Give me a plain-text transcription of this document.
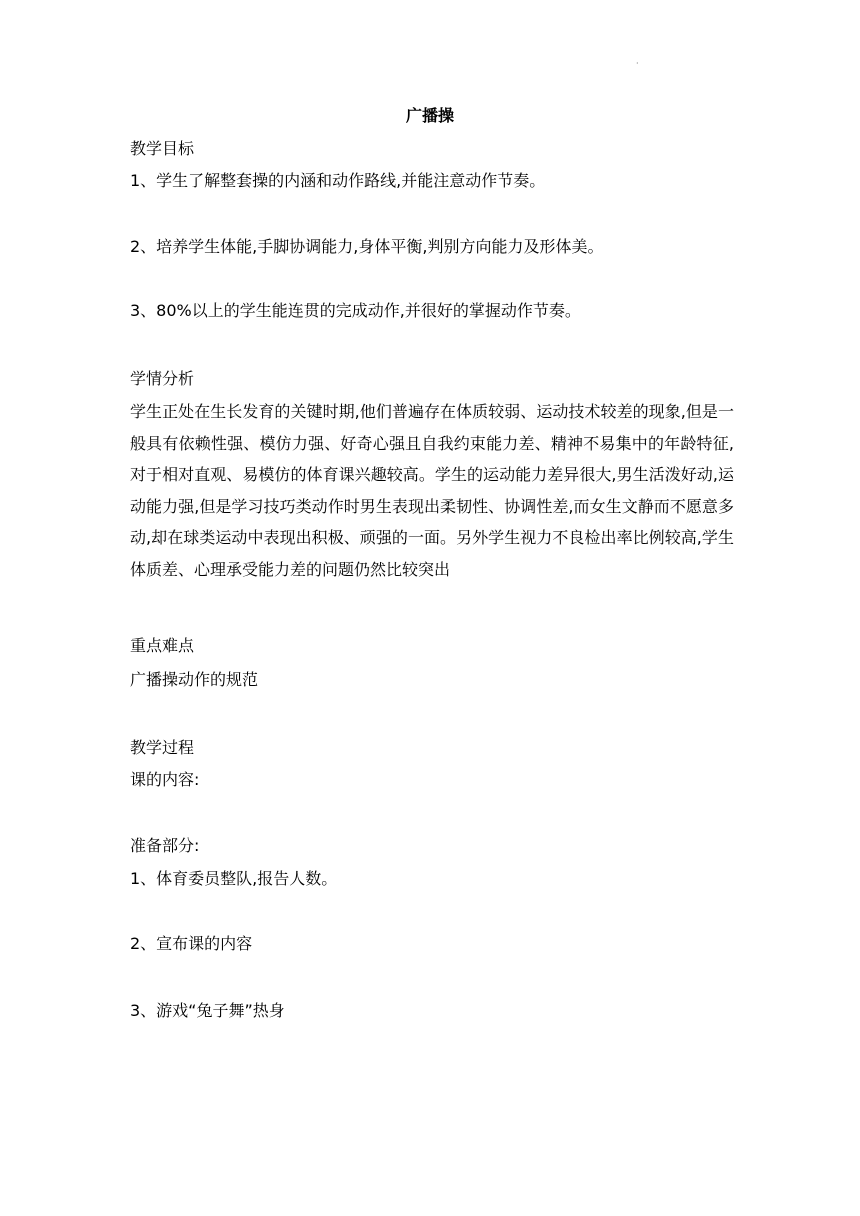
·
广播操
教学目标
1、学生了解整套操的内涵和动作路线,并能注意动作节奏。
2、培养学生体能,手脚协调能力,身体平衡,判别方向能力及形体美。
3、80%以上的学生能连贯的完成动作,并很好的掌握动作节奏。
学情分析
学生正处在生长发育的关键时期,他们普遍存在体质较弱、运动技术较差的现象,但是一般具有依赖性强、模仿力强、好奇心强且自我约束能力差、精神不易集中的年龄特征,对于相对直观、易模仿的体育课兴趣较高。学生的运动能力差异很大,男生活泼好动,运动能力强,但是学习技巧类动作时男生表现出柔韧性、协调性差,而女生文静而不愿意多动,却在球类运动中表现出积极、顽强的一面。另外学生视力不良检出率比例较高,学生体质差、心理承受能力差的问题仍然比较突出
重点难点
广播操动作的规范
教学过程
课的内容:
准备部分:
1、体育委员整队,报告人数。
2、宣布课的内容
3、游戏“兔子舞”热身
